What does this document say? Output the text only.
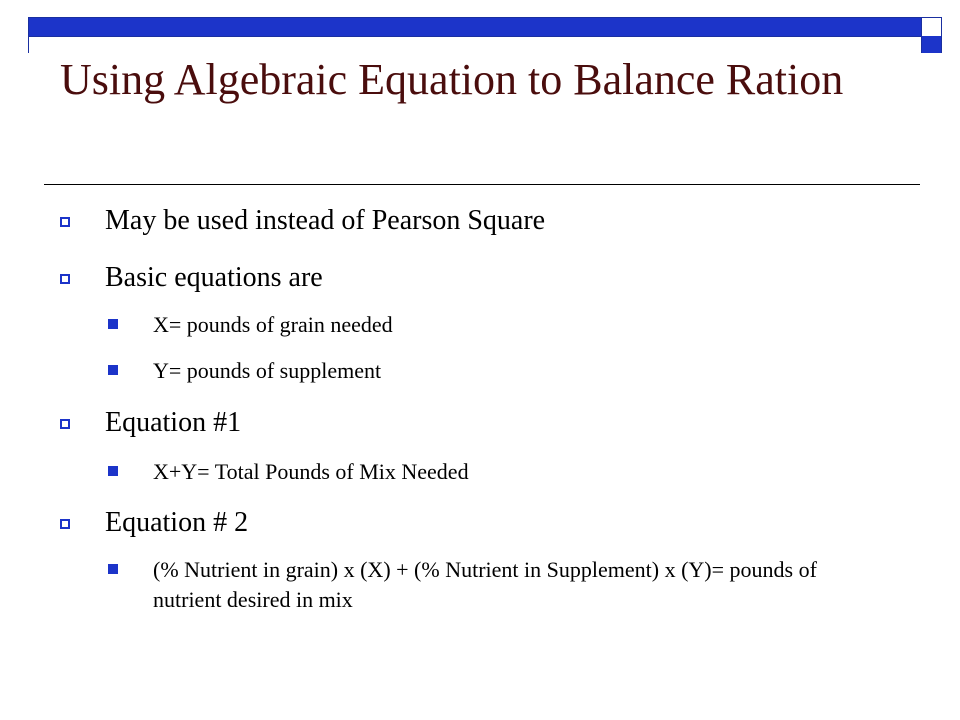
Using Algebraic Equation to Balance Ration
May be used instead of Pearson Square
Basic equations are
X= pounds of grain needed
Y= pounds of supplement
Equation #1
X+Y= Total Pounds of Mix Needed
Equation # 2
(% Nutrient in grain) x (X) + (% Nutrient in Supplement) x (Y)= pounds of nutrient desired in mix
